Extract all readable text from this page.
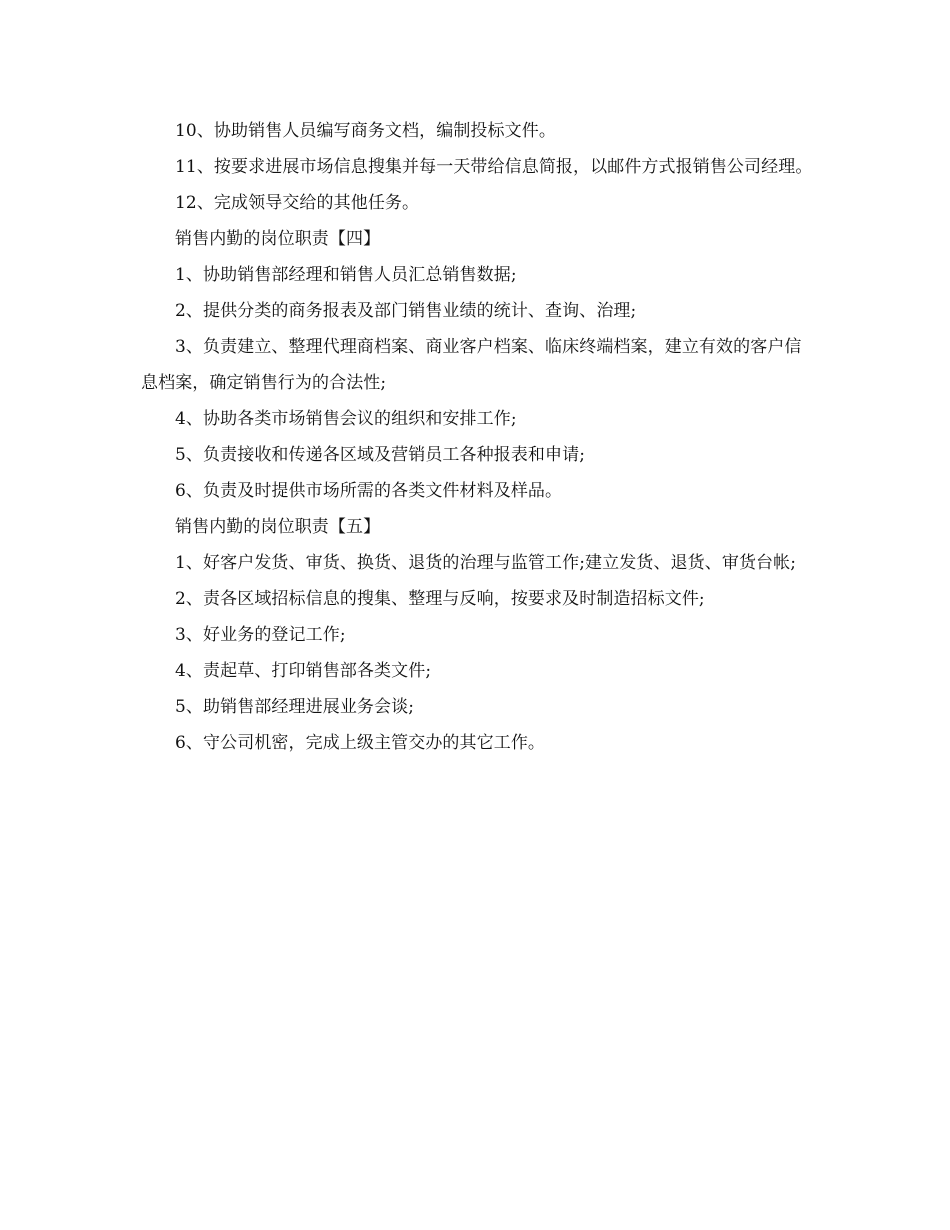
10、协助销售人员编写商务文档，编制投标文件。

11、按要求进展市场信息搜集并每一天带给信息简报，以邮件方式报销售公司经理。

12、完成领导交给的其他任务。

销售内勤的岗位职责【四】

1、协助销售部经理和销售人员汇总销售数据;

2、提供分类的商务报表及部门销售业绩的统计、查询、治理;

3、负责建立、整理代理商档案、商业客户档案、临床终端档案，建立有效的客户信息档案，确定销售行为的合法性;

4、协助各类市场销售会议的组织和安排工作;

5、负责接收和传递各区域及营销员工各种报表和申请;

6、负责及时提供市场所需的各类文件材料及样品。

销售内勤的岗位职责【五】

1、好客户发货、审货、换货、退货的治理与监管工作;建立发货、退货、审货台帐;

2、责各区域招标信息的搜集、整理与反响，按要求及时制造招标文件;

3、好业务的登记工作;

4、责起草、打印销售部各类文件;

5、助销售部经理进展业务会谈;

6、守公司机密，完成上级主管交办的其它工作。
